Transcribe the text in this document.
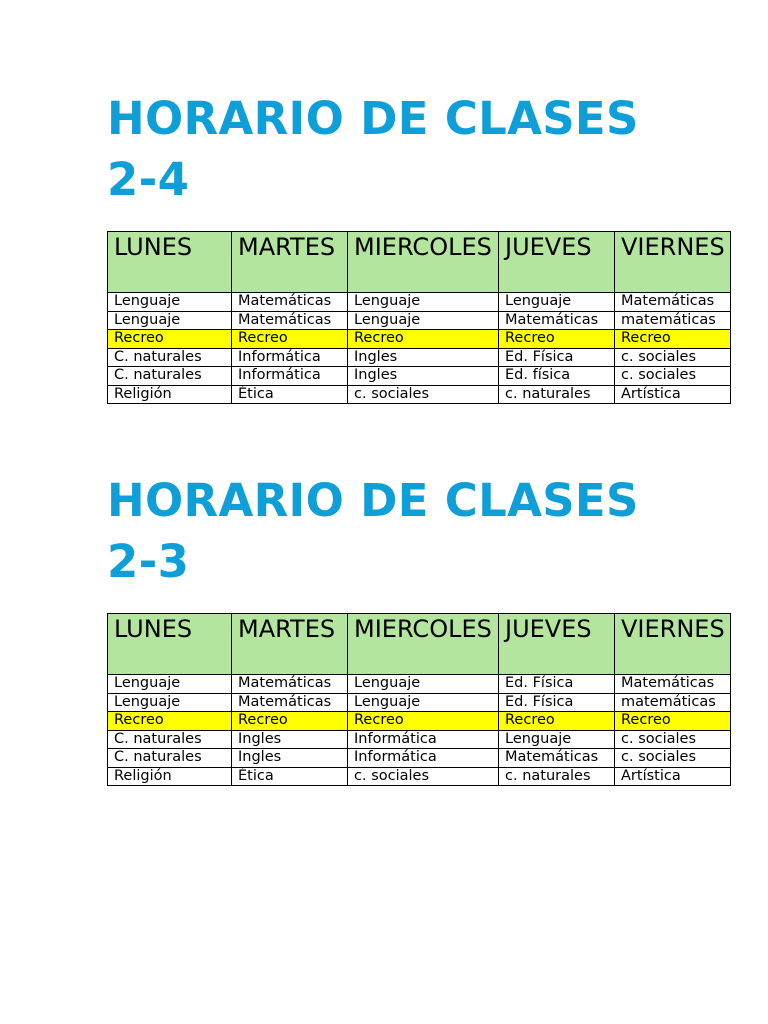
HORARIO DE CLASES
2-4
LUNES	MARTES	MIERCOLES	JUEVES	VIERNES
Lenguaje	Matemáticas	Lenguaje	Lenguaje	Matemáticas
Lenguaje	Matemáticas	Lenguaje	Matemáticas	matemáticas
Recreo	Recreo	Recreo	Recreo	Recreo
C. naturales	Informática	Ingles	Ed. Física	c. sociales
C. naturales	Informática	Ingles	Ed. física	c. sociales
Religión	Ética	c. sociales	c. naturales	Artística
HORARIO DE CLASES
2-3
LUNES	MARTES	MIERCOLES	JUEVES	VIERNES
Lenguaje	Matemáticas	Lenguaje	Ed. Física	Matemáticas
Lenguaje	Matemáticas	Lenguaje	Ed. Física	matemáticas
Recreo	Recreo	Recreo	Recreo	Recreo
C. naturales	Ingles	Informática	Lenguaje	c. sociales
C. naturales	Ingles	Informática	Matemáticas	c. sociales
Religión	Ética	c. sociales	c. naturales	Artística
